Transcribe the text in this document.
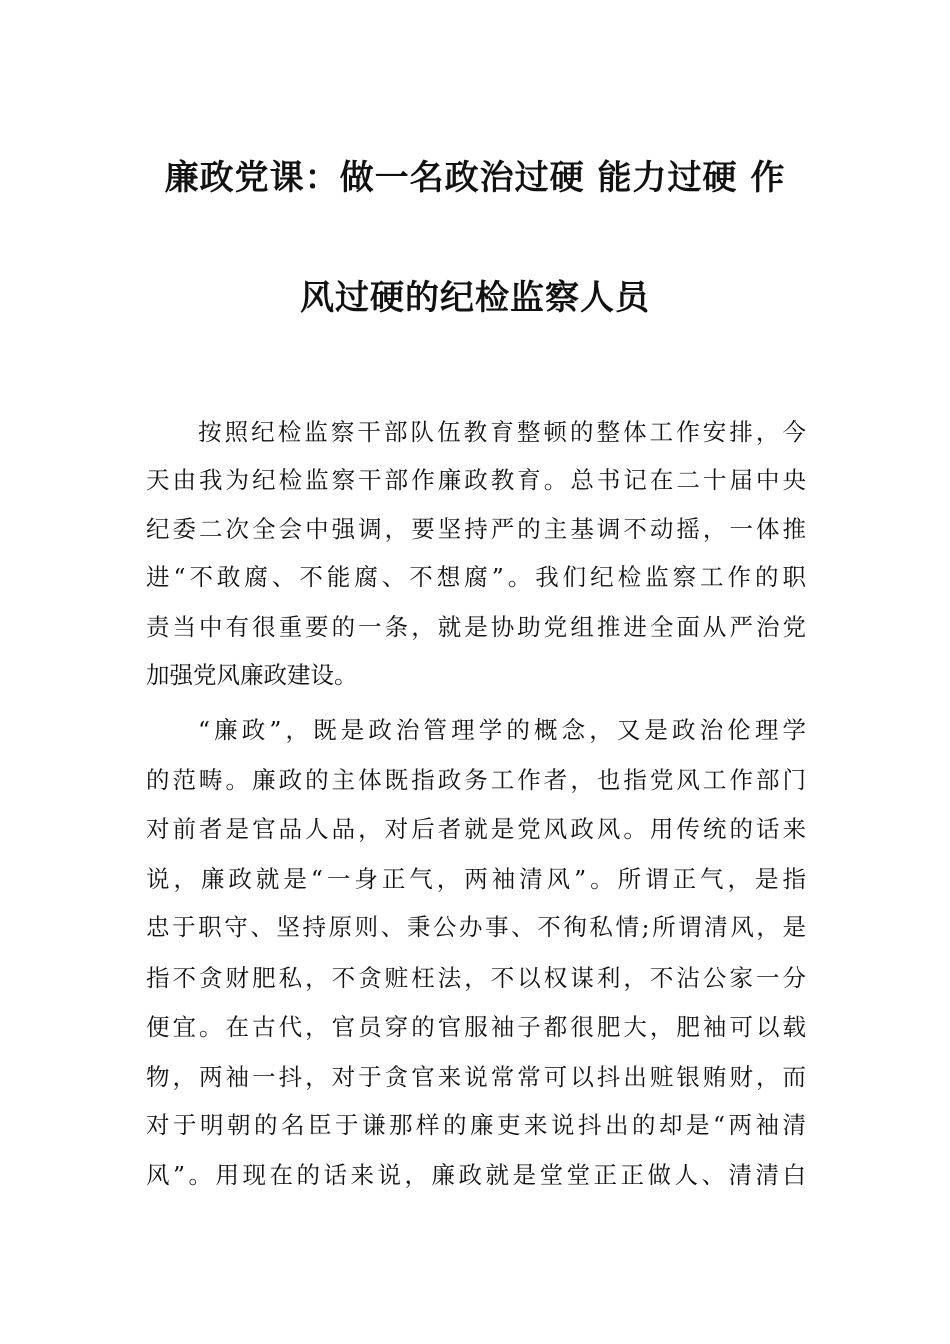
廉政党课：做一名政治过硬 能力过硬 作
风过硬的纪检监察人员
按照纪检监察干部队伍教育整顿的整体工作安排，今
天由我为纪检监察干部作廉政教育。总书记在二十届中央
纪委二次全会中强调，要坚持严的主基调不动摇，一体推
进“不敢腐、不能腐、不想腐”。我们纪检监察工作的职
责当中有很重要的一条，就是协助党组推进全面从严治党
加强党风廉政建设。
“廉政”，既是政治管理学的概念，又是政治伦理学
的范畴。廉政的主体既指政务工作者，也指党风工作部门
对前者是官品人品，对后者就是党风政风。用传统的话来
说，廉政就是“一身正气，两袖清风”。所谓正气，是指
忠于职守、坚持原则、秉公办事、不徇私情;所谓清风，是
指不贪财肥私，不贪赃枉法，不以权谋利，不沾公家一分
便宜。在古代，官员穿的官服袖子都很肥大，肥袖可以载
物，两袖一抖，对于贪官来说常常可以抖出赃银贿财，而
对于明朝的名臣于谦那样的廉吏来说抖出的却是“两袖清
风”。用现在的话来说，廉政就是堂堂正正做人、清清白
